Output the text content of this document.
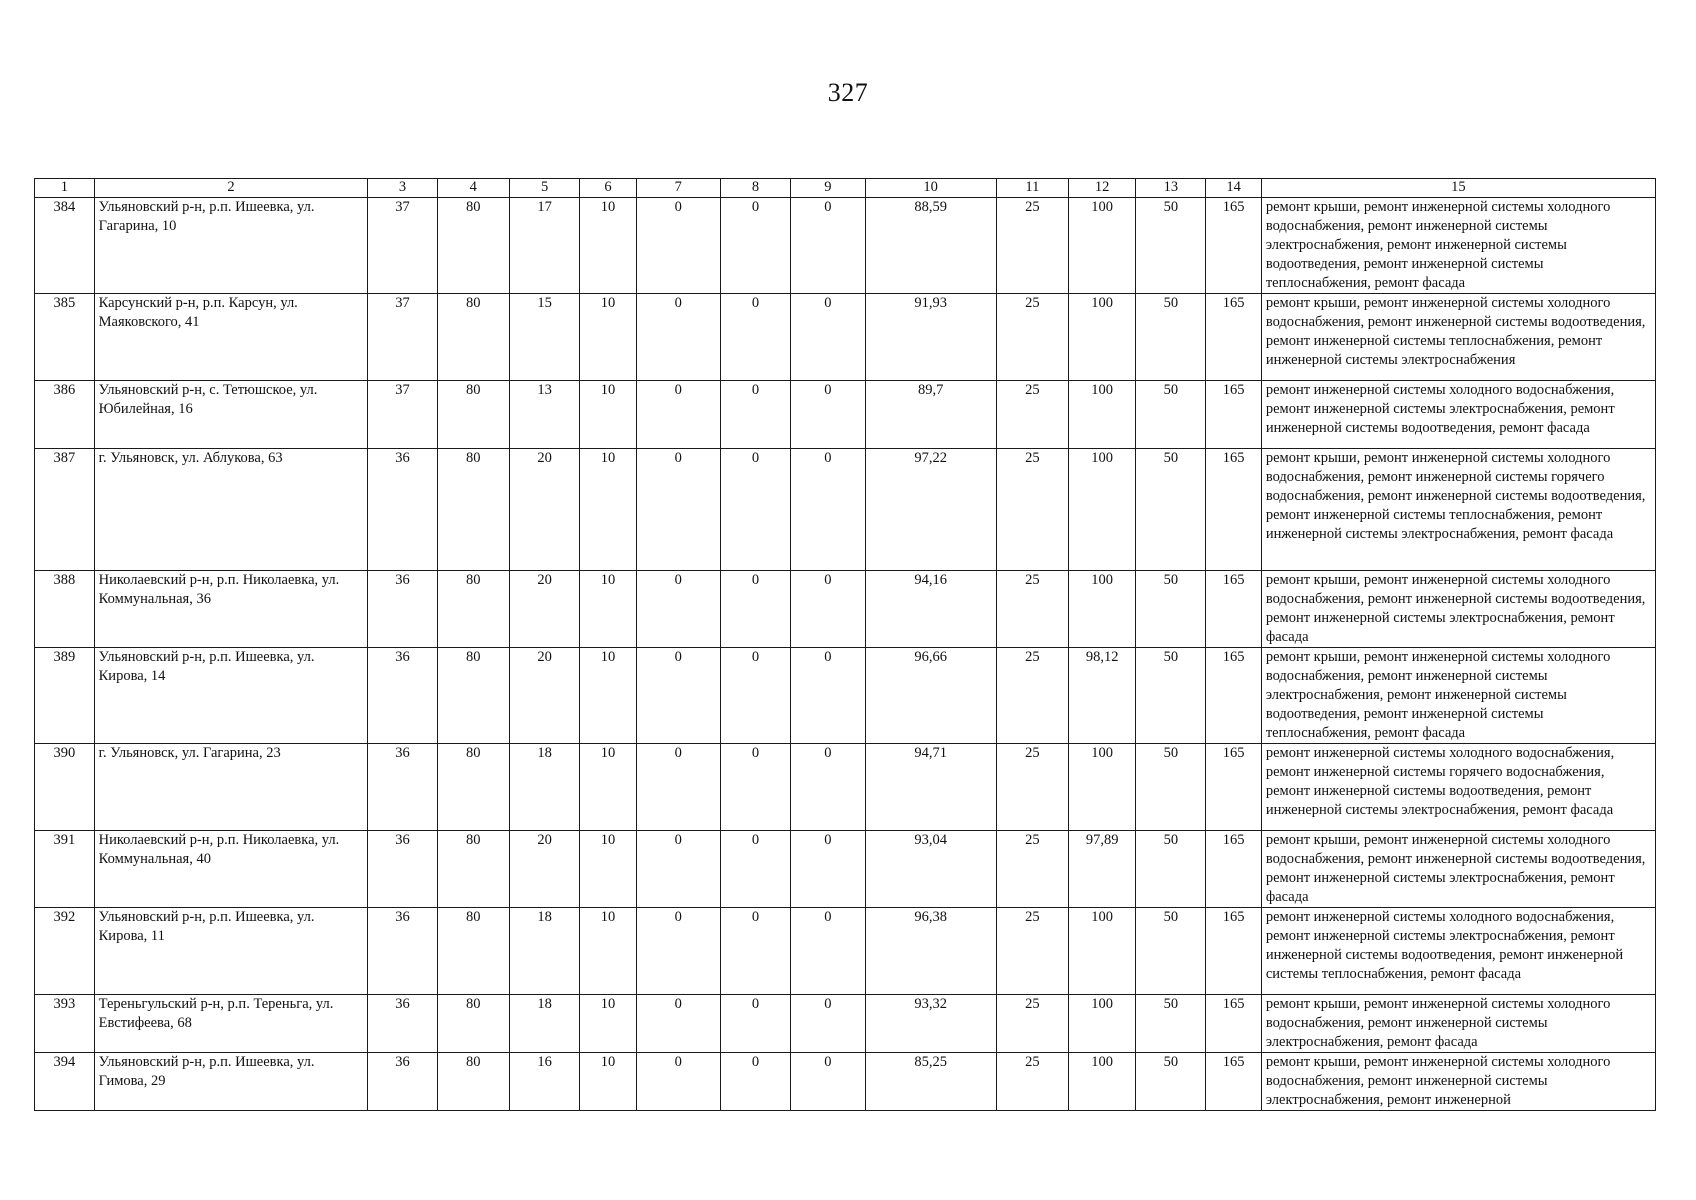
327
1	2	3	4	5	6	7	8	9	10	11	12	13	14	15
384	Ульяновский р-н, р.п. Ишеевка, ул. Гагарина, 10	37	80	17	10	0	0	0	88,59	25	100	50	165	ремонт крыши, ремонт инженерной системы холодного водоснабжения, ремонт инженерной системы электроснабжения, ремонт инженерной системы водоотведения, ремонт инженерной системы теплоснабжения, ремонт фасада
385	Карсунский р-н, р.п. Карсун, ул. Маяковского, 41	37	80	15	10	0	0	0	91,93	25	100	50	165	ремонт крыши, ремонт инженерной системы холодного водоснабжения, ремонт инженерной системы водоотведения, ремонт инженерной системы теплоснабжения, ремонт инженерной системы электроснабжения
386	Ульяновский р-н, с. Тетюшское, ул. Юбилейная, 16	37	80	13	10	0	0	0	89,7	25	100	50	165	ремонт инженерной системы холодного водоснабжения, ремонт инженерной системы электроснабжения, ремонт инженерной системы водоотведения, ремонт фасада
387	г. Ульяновск, ул. Аблукова, 63	36	80	20	10	0	0	0	97,22	25	100	50	165	ремонт крыши, ремонт инженерной системы холодного водоснабжения, ремонт инженерной системы горячего водоснабжения, ремонт инженерной системы водоотведения, ремонт инженерной системы теплоснабжения, ремонт инженерной системы электроснабжения, ремонт фасада
388	Николаевский р-н, р.п. Николаевка, ул. Коммунальная, 36	36	80	20	10	0	0	0	94,16	25	100	50	165	ремонт крыши, ремонт инженерной системы холодного водоснабжения, ремонт инженерной системы водоотведения, ремонт инженерной системы электроснабжения, ремонт фасада
389	Ульяновский р-н, р.п. Ишеевка, ул. Кирова, 14	36	80	20	10	0	0	0	96,66	25	98,12	50	165	ремонт крыши, ремонт инженерной системы холодного водоснабжения, ремонт инженерной системы электроснабжения, ремонт инженерной системы водоотведения, ремонт инженерной системы теплоснабжения, ремонт фасада
390	г. Ульяновск, ул. Гагарина, 23	36	80	18	10	0	0	0	94,71	25	100	50	165	ремонт инженерной системы холодного водоснабжения, ремонт инженерной системы горячего водоснабжения, ремонт инженерной системы водоотведения, ремонт инженерной системы электроснабжения, ремонт фасада
391	Николаевский р-н, р.п. Николаевка, ул. Коммунальная, 40	36	80	20	10	0	0	0	93,04	25	97,89	50	165	ремонт крыши, ремонт инженерной системы холодного водоснабжения, ремонт инженерной системы водоотведения, ремонт инженерной системы электроснабжения, ремонт фасада
392	Ульяновский р-н, р.п. Ишеевка, ул. Кирова, 11	36	80	18	10	0	0	0	96,38	25	100	50	165	ремонт инженерной системы холодного водоснабжения, ремонт инженерной системы электроснабжения, ремонт инженерной системы водоотведения, ремонт инженерной системы теплоснабжения, ремонт фасада
393	Тереньгульский р-н, р.п. Тереньга, ул. Евстифеева, 68	36	80	18	10	0	0	0	93,32	25	100	50	165	ремонт крыши, ремонт инженерной системы холодного водоснабжения, ремонт инженерной системы электроснабжения, ремонт фасада
394	Ульяновский р-н, р.п. Ишеевка, ул. Гимова, 29	36	80	16	10	0	0	0	85,25	25	100	50	165	ремонт крыши, ремонт инженерной системы холодного водоснабжения, ремонт инженерной системы электроснабжения, ремонт инженерной
